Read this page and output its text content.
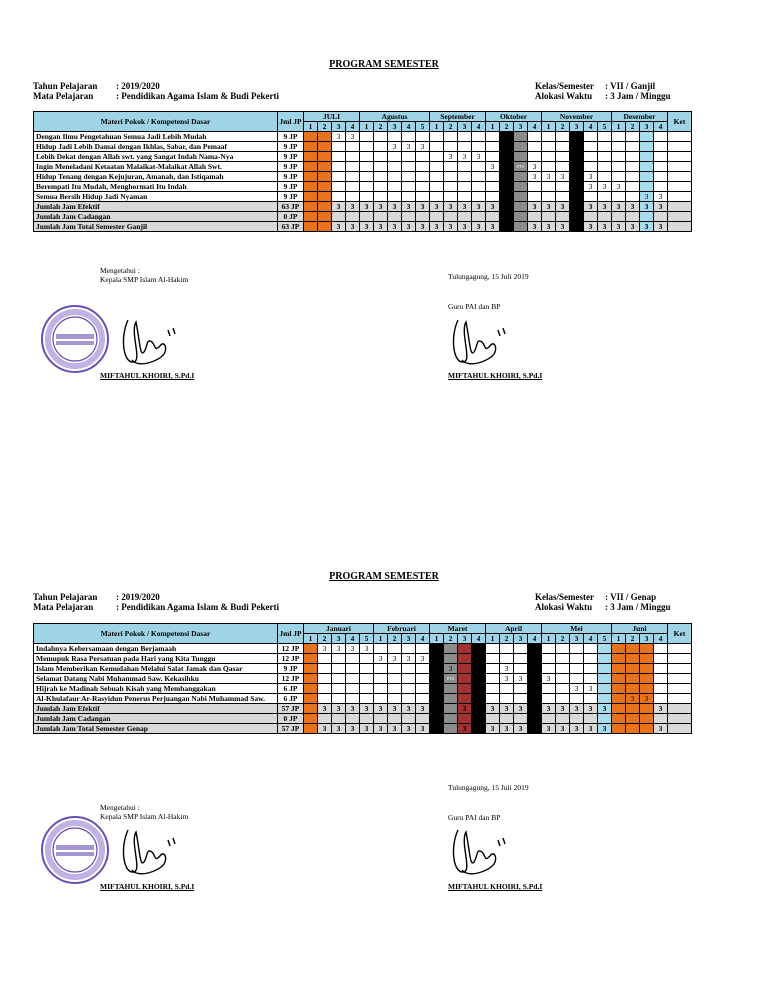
PROGRAM SEMESTER
Tahun Pelajaran : 2019/2020
Mata Pelajaran	: Pendidikan Agama Islam & Budi Pekerti
Kelas/Semester : VII / Ganjil
Alokasi Waktu : 3 Jam / Minggu
Materi Pokok / Kompetensi Dasar	Jml JP	JULI				Agustus					September				Oktober				November					Desember				Ket
		1	2	3	4	1	2	3	4	5	1	2	3	4	1	2	3	4	1	2	3	4	5	1	2	3	4	
Dengan Ilmu Pengetahuan Semua Jadi Lebih Mudah	9 JP			3	3																							
Hidup Jadi Lebih Damai dengan Ikhlas, Sabar, dan Pemaaf	9 JP							3	3	3																		
Lebih Dekat dengan Allah swt. yang Sangat Indah Nama-Nya	9 JP											3	3	3														
Ingin Meneladani Ketaatan Malaikat-Malaikat Allah Swt.	9 JP														3	3	PTS	3										
Hidup Tenang dengan Kejujuran, Amanah, dan Istiqamah	9 JP																	3	3	3		3						
Berempati Itu Mudah, Menghormati Itu Indah	9 JP																					3	3	3				
Semua Bersih Hidup Jadi Nyaman	9 JP																									3	3	
Jumlah Jam Efektif	63 JP			3	3	3	3	3	3	3	3	3	3	3	3			3	3	3		3	3	3	3	3	3	
Jumlah Jam Cadangan	0 JP																											
Jumlah Jam Total Semester Ganjil	63 JP			3	3	3	3	3	3	3	3	3	3	3	3			3	3	3		3	3	3	3	3	3	
Tulungagung, 15 Juli 2019
Mengetahui :
Kepala SMP Islam Al-Hakim
Guru PAI dan BP
MIFTAHUL KHOIRI, S.Pd.I	MIFTAHUL KHOIRI, S.Pd.I
PROGRAM SEMESTER
Tahun Pelajaran : 2019/2020
Mata Pelajaran	: Pendidikan Agama Islam & Budi Pekerti
Kelas/Semester : VII / Genap
Alokasi Waktu : 3 Jam / Minggu
Materi Pokok / Kompetensi Dasar	Jml JP	Januari					Februari				Maret				April				Mei					Juni				Ket
		1	2	3	4	5	1	2	3	4	1	2	3	4	1	2	3	4	1	2	3	4	5	1	2	3	4	
Indahnya Kebersamaan dengan Berjamaah	12 JP		3	3	3	3																						
Memupuk Rasa Persatuan pada Hari yang Kita Tunggu	12 JP						3	3	3	3																		
Islam Memberikan Kemudahan Melalui Salat Jamak dan Qasar	9 JP										3	3				3												
Selamat Datang Nabi Muhammad Saw. Kekasihku	12 JP											PTS				3	3	3	3									
Hijrah ke Madinah Sebuah Kisah yang Membanggakan	6 JP																				3	3						
Al-Khulafaur Ar-Rasyidun Penerus Perjuangan Nabi Muhammad Saw.	6 JP																								3	3		
Jumlah Jam Efektif	57 JP		3	3	3	3	3	3	3	3			3		3	3	3		3	3	3	3	3				3	
Jumlah Jam Cadangan	0 JP																											
Jumlah Jam Total Semester Genap	57 JP		3	3	3	3	3	3	3	3			3		3	3	3		3	3	3	3	3				3	
Tulungagung, 15 Juli 2019
Mengetahui :
Kepala SMP Islam Al-Hakim	Guru PAI dan BP
MIFTAHUL KHOIRI, S.Pd.I	MIFTAHUL KHOIRI, S.Pd.I
